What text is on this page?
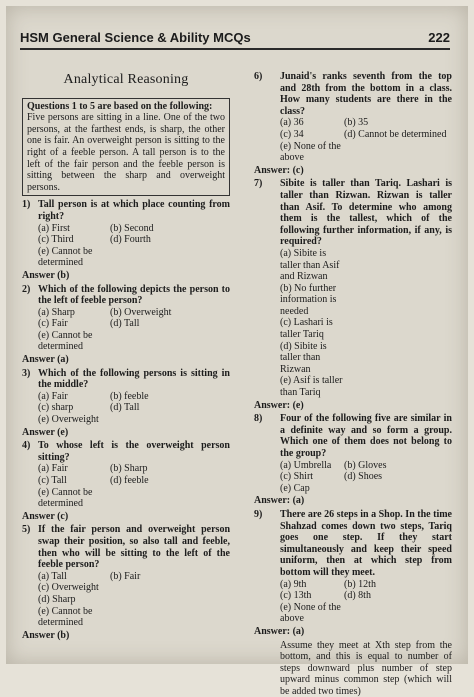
HSM General Science & Ability MCQs	222
Analytical Reasoning
Questions 1 to 5 are based on the following:
Five persons are sitting in a line. One of the two persons, at the farthest ends, is sharp, the other one is fair. An overweight person is sitting to the right of a feeble person. A tall person is to the left of the fair person and the feeble person is sitting between the sharp and overweight persons.
1) Tall person is at which place counting from right?
(a) First	(b) Second
(c) Third	(d) Fourth
(e) Cannot be determined
Answer (b)
2) Which of the following depicts the person to the left of feeble person?
(a) Sharp	(b) Overweight
(c) Fair	(d) Tall
(e) Cannot be determined
Answer (a)
3) Which of the following persons is sitting in the middle?
(a) Fair	(b) feeble
(c) sharp	(d) Tall
(e) Overweight
Answer (e)
4) To whose left is the overweight person sitting?
(a) Fair	(b) Sharp
(c) Tall	(d) feeble
(e) Cannot be determined
Answer (c)
5) If the fair person and overweight person swap their position, so also tall and feeble, then who will be sitting to the left of the feeble person?
(a) Tall	(b) Fair
(c) Overweight (d) Sharp
(e) Cannot be determined
Answer (b)
6)	Junaid's ranks seventh from the top and 28th from the bottom in a class. How many students are there in the class?
(a) 36	(b) 35
(c) 34	(d) Cannot be determined
(e) None of the above
Answer: (c)
7)	Sibite is taller than Tariq. Lashari is taller than Rizwan. Rizwan is taller than Asif. To determine who among them is the tallest, which of the following further information, if any, is required?
(a) Sibite is taller than Asif and Rizwan
(b) No further information is needed
(c) Lashari is taller Tariq
(d) Sibite is taller than Rizwan
(e) Asif is taller than Tariq
Answer: (e)
8)	Four of the following five are similar in a definite way and so form a group. Which one of them does not belong to the group?
(a) Umbrella	(b) Gloves
(c) Shirt	(d) Shoes
(e) Cap
Answer: (a)
9)	There are 26 steps in a Shop. In the time Shahzad comes down two steps, Tariq goes one step. If they start simultaneously and keep their speed uniform, then at which step from bottom will they meet.
(a) 9th	(b) 12th
(c) 13th	(d) 8th
(e) None of the above
Answer: (a)
Assume they meet at Xth step from the bottom, and this is equal to number of steps downward plus number of step upward minus common step (which will be added two times)
